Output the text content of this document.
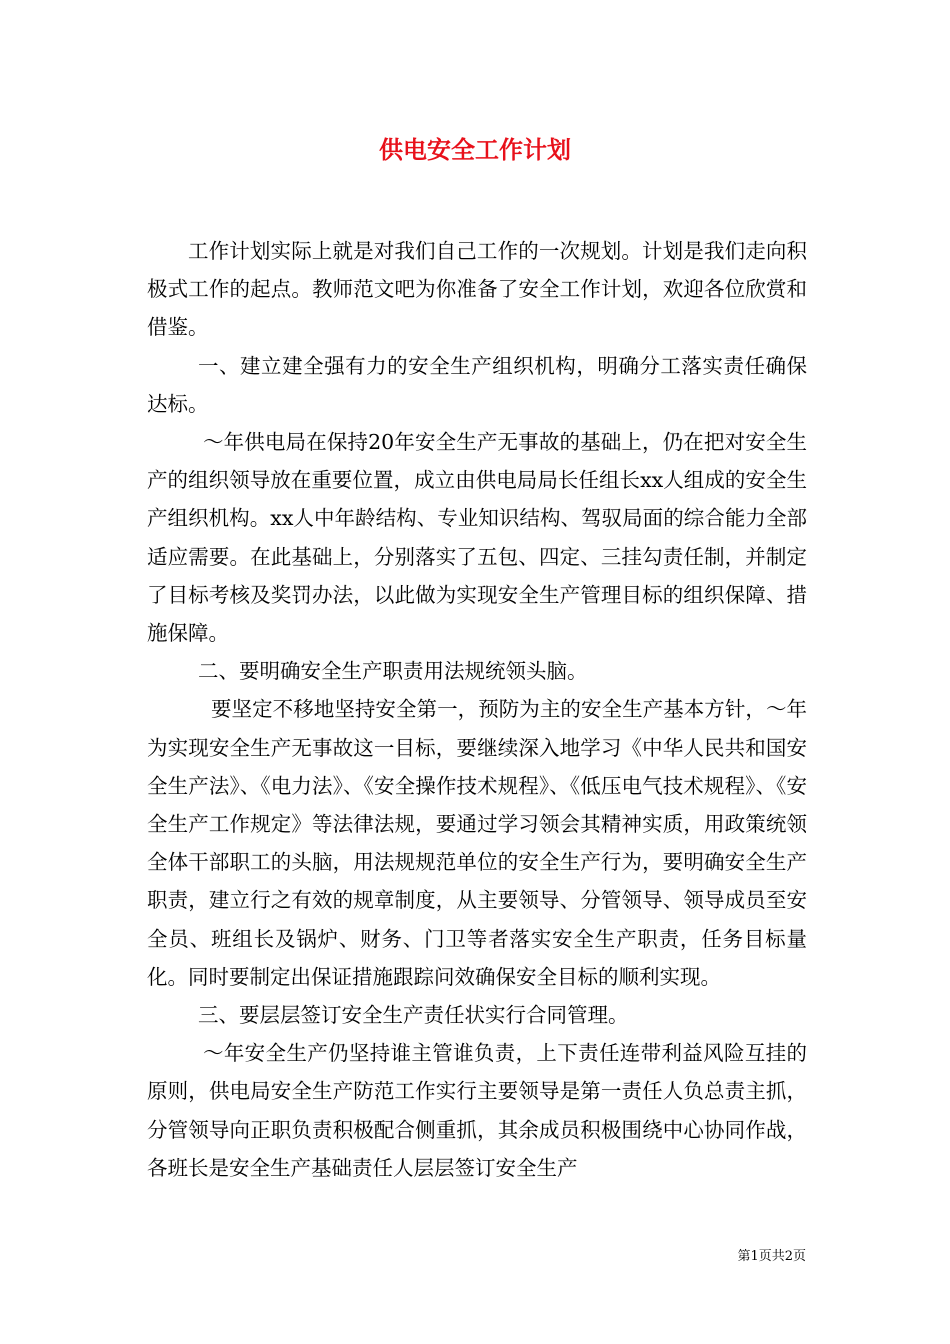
供电安全工作计划

工作计划实际上就是对我们自己工作的一次规划。计划是我们走向积极式工作的起点。教师范文吧为你准备了安全工作计划，欢迎各位欣赏和借鉴。

一、建立建全强有力的安全生产组织机构，明确分工落实责任确保达标。

～年供电局在保持20年安全生产无事故的基础上，仍在把对安全生产的组织领导放在重要位置，成立由供电局局长任组长xx人组成的安全生产组织机构。xx人中年龄结构、专业知识结构、驾驭局面的综合能力全部适应需要。在此基础上，分别落实了五包、四定、三挂勾责任制，并制定了目标考核及奖罚办法，以此做为实现安全生产管理目标的组织保障、措施保障。

二、要明确安全生产职责用法规统领头脑。

要坚定不移地坚持安全第一，预防为主的安全生产基本方针，～年为实现安全生产无事故这一目标，要继续深入地学习《中华人民共和国安全生产法》、《电力法》、《安全操作技术规程》、《低压电气技术规程》、《安全生产工作规定》等法律法规，要通过学习领会其精神实质，用政策统领全体干部职工的头脑，用法规规范单位的安全生产行为，要明确安全生产职责，建立行之有效的规章制度，从主要领导、分管领导、领导成员至安全员、班组长及锅炉、财务、门卫等者落实安全生产职责，任务目标量化。同时要制定出保证措施跟踪问效确保安全目标的顺利实现。

三、要层层签订安全生产责任状实行合同管理。

～年安全生产仍坚持谁主管谁负责，上下责任连带利益风险互挂的原则，供电局安全生产防范工作实行主要领导是第一责任人负总责主抓，分管领导向正职负责积极配合侧重抓，其余成员积极围绕中心协同作战，各班长是安全生产基础责任人层层签订安全生产

第1页共2页
